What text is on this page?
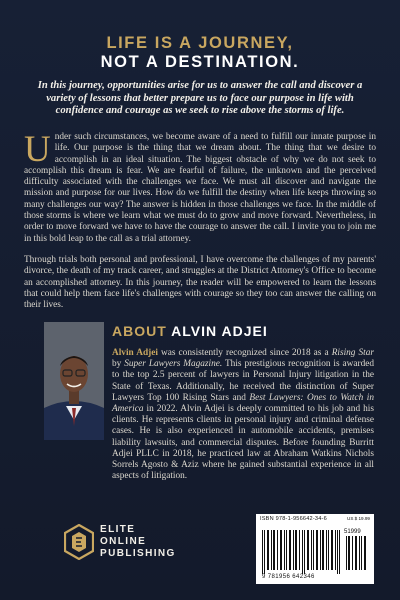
LIFE IS A JOURNEY,
NOT A DESTINATION.
In this journey, opportunities arise for us to answer the call and discover a variety of lessons that better prepare us to face our purpose in life with confidence and courage as we seek to rise above the storms of life.

Under such circumstances, we become aware of a need to fulfill our innate purpose in life. Our purpose is the thing that we dream about. The thing that we desire to accomplish in an ideal situation. The biggest obstacle of why we do not seek to accomplish this dream is fear. We are fearful of failure, the unknown and the perceived difficulty associated with the challenges we face. We must all discover and navigate the mission and purpose for our lives. How do we fulfill the destiny when life keeps throwing so many challenges our way? The answer is hidden in those challenges we face. In the middle of those storms is where we learn what we must do to grow and move forward. Nevertheless, in order to move forward we have to have the courage to answer the call. I invite you to join me in this bold leap to the call as a trial attorney.

Through trials both personal and professional, I have overcome the challenges of my parents' divorce, the death of my track career, and struggles at the District Attorney's Office to become an accomplished attorney. In this journey, the reader will be empowered to learn the lessons that could help them face life's challenges with courage so they too can answer the calling on their lives.

ABOUT ALVIN ADJEI
Alvin Adjei was consistently recognized since 2018 as a Rising Star by Super Lawyers Magazine. This prestigious recognition is awarded to the top 2.5 percent of lawyers in Personal Injury litigation in the State of Texas. Additionally, he received the distinction of Super Lawyers Top 100 Rising Stars and Best Lawyers: Ones to Watch in America in 2022. Alvin Adjei is deeply committed to his job and his clients. He represents clients in personal injury and criminal defense cases. He is also experienced in automobile accidents, premises liability lawsuits, and commercial disputes. Before founding Burritt Adjei PLLC in 2018, he practiced law at Abraham Watkins Nichols Sorrels Agosto & Aziz where he gained substantial experience in all aspects of litigation.
ELITE
ONLINE
PUBLISHING
ISBN 978-1-956642-34-6	US $ 19.99
51999
9 781956 642346
